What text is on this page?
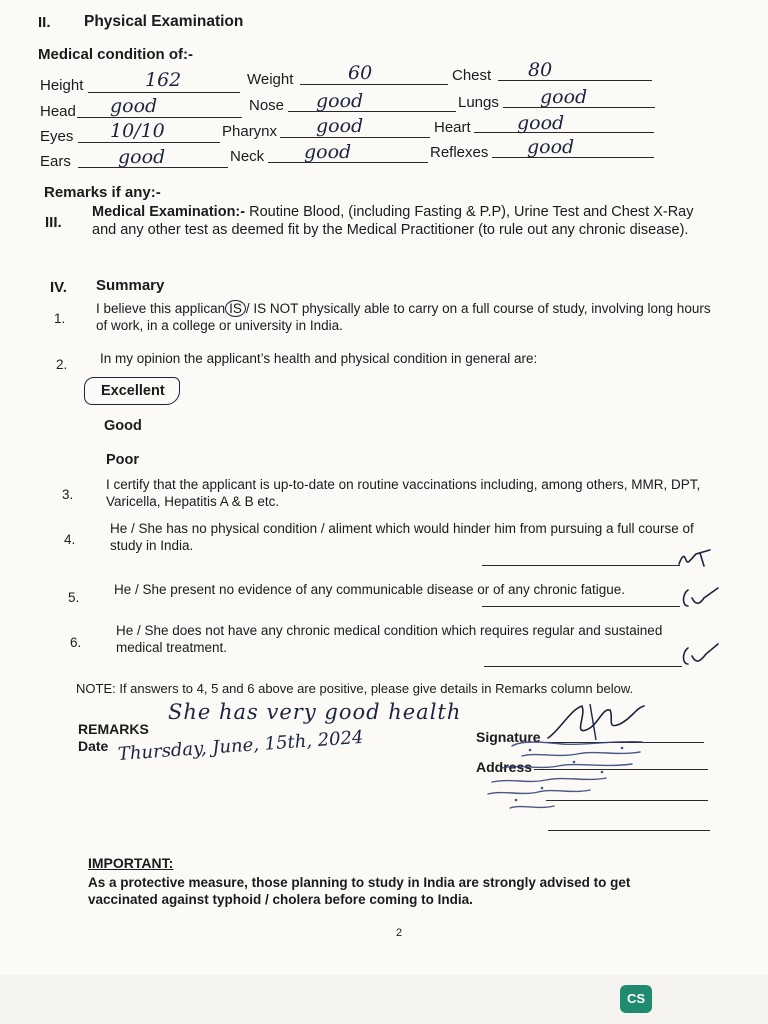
II. Physical Examination
Medical condition of:-
Height	162	Weight	60	Chest 80
Head good	Nose good	Lungs good
Eyes 10/10	Pharynx good	Heart good
Ears good	Neck good	Reflexes good
Remarks if any:-
III.
Medical Examination:- Routine Blood, (including Fasting & P.P), Urine Test and Chest X-Ray and any other test as deemed fit by the Medical Practitioner (to rule out any chronic disease).
IV. Summary
1.
I believe this applican IS / IS NOT physically able to carry on a full course of study, involving long hours of work, in a college or university in India.
2. In my opinion the applicant’s health and physical condition in general are:
Excellent
Good
Poor
3.
I certify that the applicant is up-to-date on routine vaccinations including, among others, MMR, DPT, Varicella, Hepatitis A & B etc.
4.
He / She has no physical condition / aliment which would hinder him from pursuing a full course of study in India.
5.
He / She present no evidence of any communicable disease or of any chronic fatigue.
6.
He / She does not have any chronic medical condition which requires regular and sustained medical treatment.
NOTE: If answers to 4, 5 and 6 above are positive, please give details in Remarks column below.
REMARKS
She has very good health
Date Thursday, June, 15th, 2024	Signature
Address
IMPORTANT:
As a protective measure, those planning to study in India are strongly advised to get vaccinated against typhoid / cholera before coming to India.
2
CS
